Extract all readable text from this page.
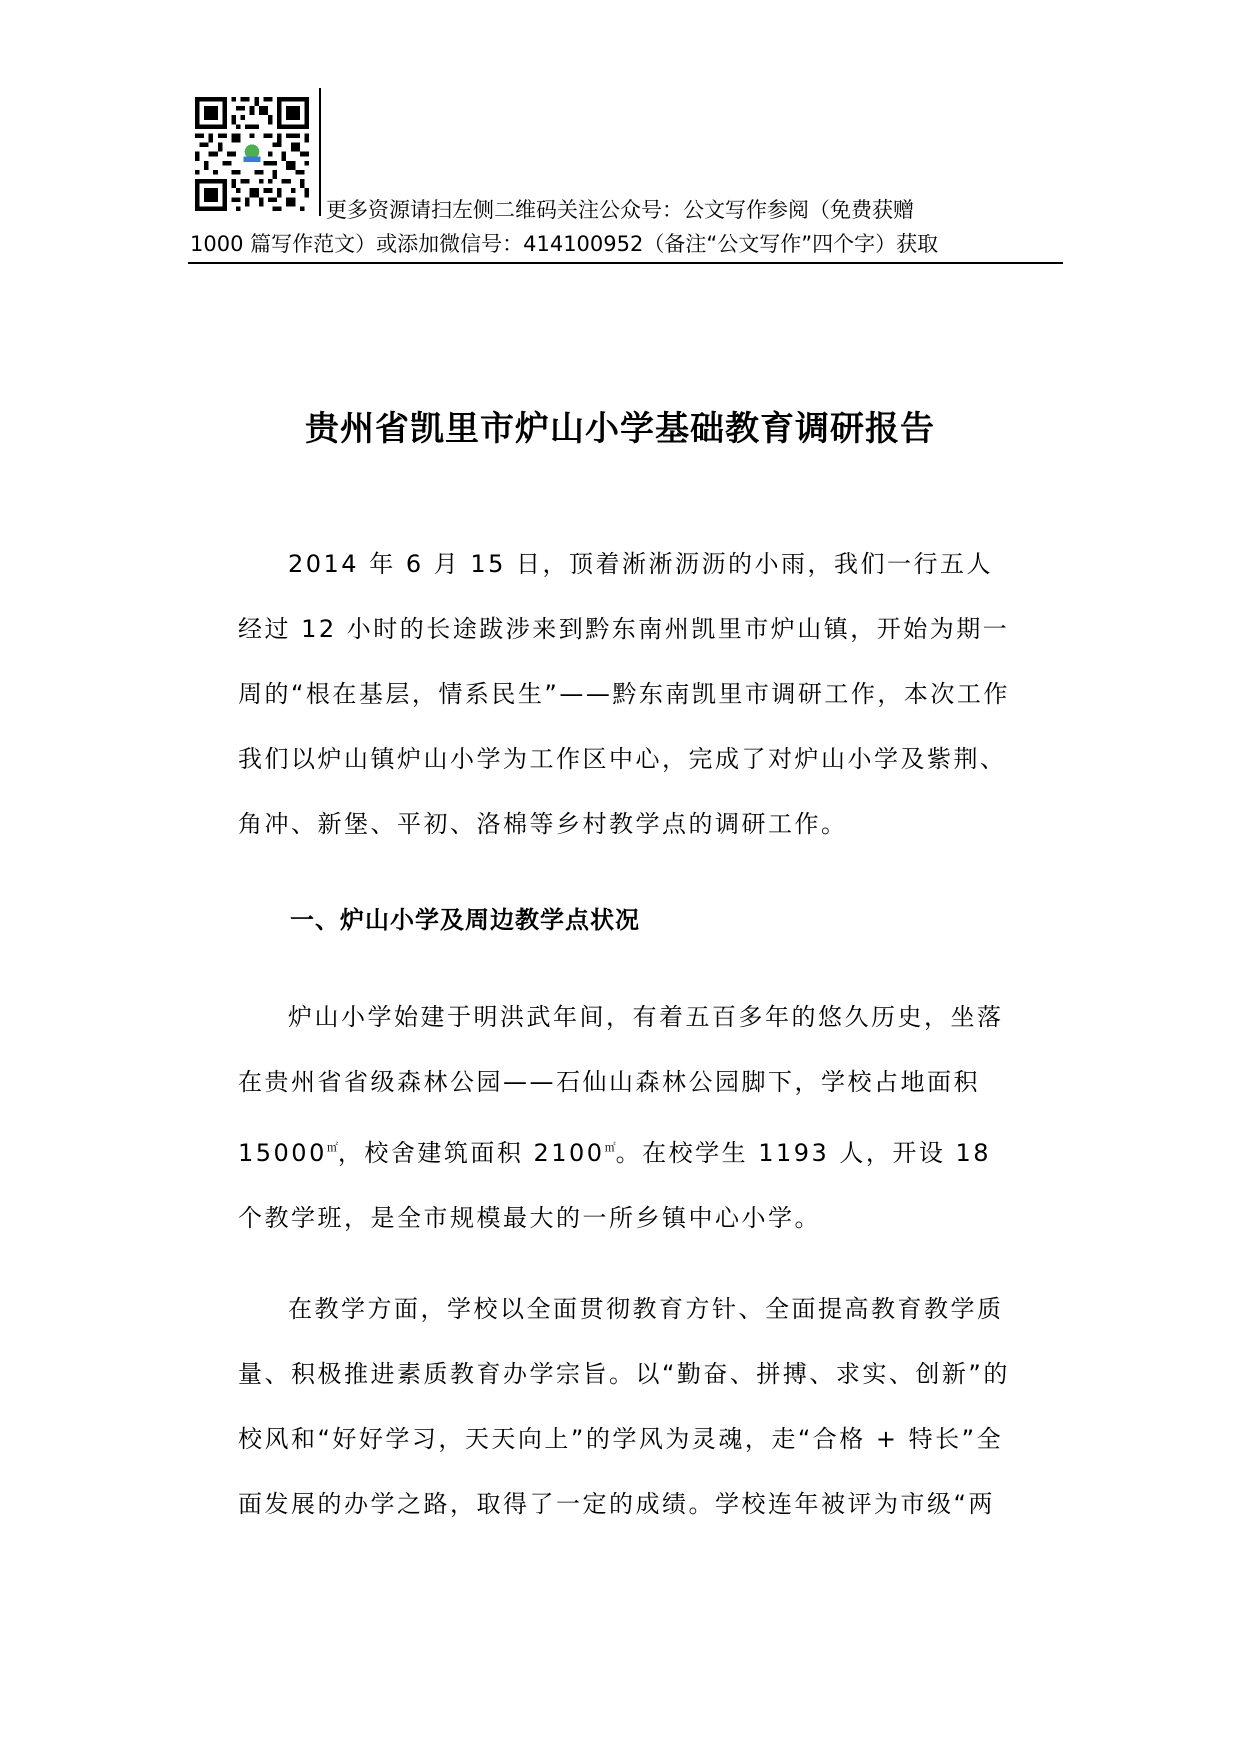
更多资源请扫左侧二维码关注公众号：公文写作参阅（免费获赠
1000 篇写作范文）或添加微信号：414100952（备注“公文写作”四个字）获取
贵州省凯里市炉山小学基础教育调研报告

2014 年 6 月 15 日，顶着淅淅沥沥的小雨，我们一行五人经过 12 小时的长途跋涉来到黔东南州凯里市炉山镇，开始为期一周的“根在基层，情系民生”——黔东南凯里市调研工作，本次工作我们以炉山镇炉山小学为工作区中心，完成了对炉山小学及紫荆、角冲、新堡、平初、洛棉等乡村教学点的调研工作。

一、炉山小学及周边教学点状况

炉山小学始建于明洪武年间，有着五百多年的悠久历史，坐落在贵州省省级森林公园——石仙山森林公园脚下，学校占地面积 15000㎡，校舍建筑面积 2100㎡。在校学生 1193 人，开设 18 个教学班，是全市规模最大的一所乡镇中心小学。

在教学方面，学校以全面贯彻教育方针、全面提高教育教学质量、积极推进素质教育办学宗旨。以“勤奋、拼搏、求实、创新”的校风和“好好学习，天天向上”的学风为灵魂，走“合格 + 特长”全面发展的办学之路，取得了一定的成绩。学校连年被评为市级“两
